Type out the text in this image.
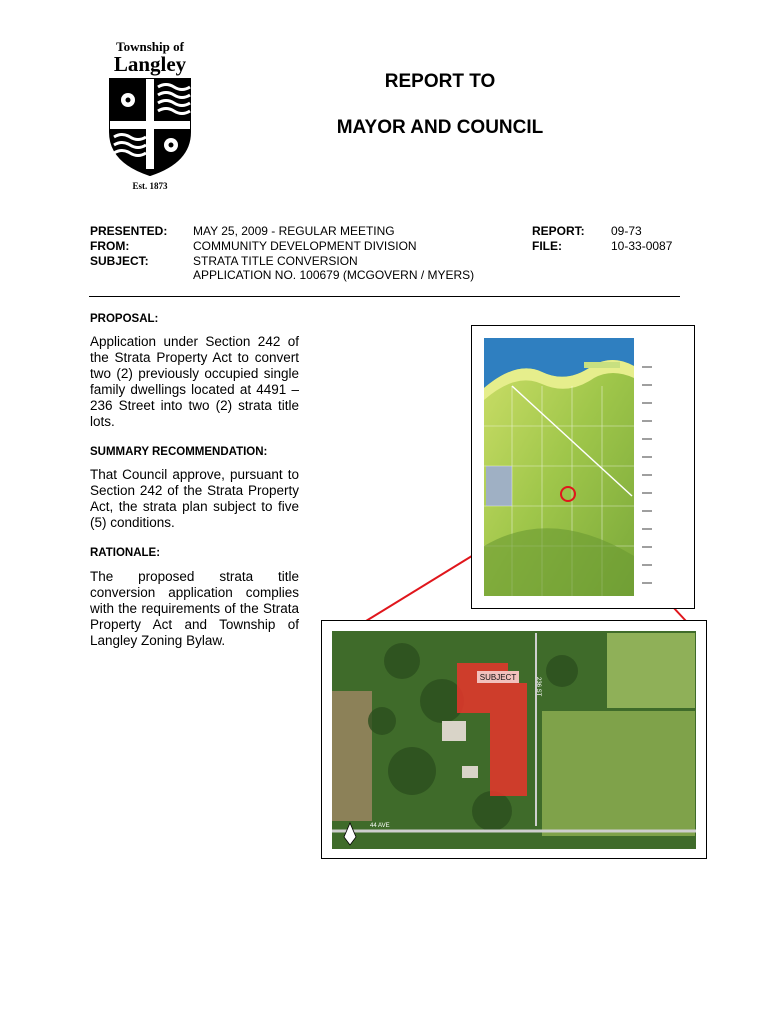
Township of
Langley
Est. 1873
REPORT TO
MAYOR AND COUNCIL
PRESENTED: MAY 25, 2009 - REGULAR MEETING
FROM:	COMMUNITY DEVELOPMENT DIVISION
SUBJECT:	STRATA TITLE CONVERSION
APPLICATION NO. 100679 (MCGOVERN / MYERS)
REPORT: 09-73
FILE:	10-33-0087
PROPOSAL:
Application under Section 242 of the Strata Property Act to convert two (2) previously occupied single family dwellings located at 4491 – 236 Street into two (2) strata title lots.
SUMMARY RECOMMENDATION:
That Council approve, pursuant to Section 242 of the Strata Property Act, the strata plan subject to five (5) conditions.
RATIONALE:
The proposed strata title conversion application complies with the requirements of the Strata Property Act and Township of Langley Zoning Bylaw.
SUBJECT	236 ST
44 AVE
